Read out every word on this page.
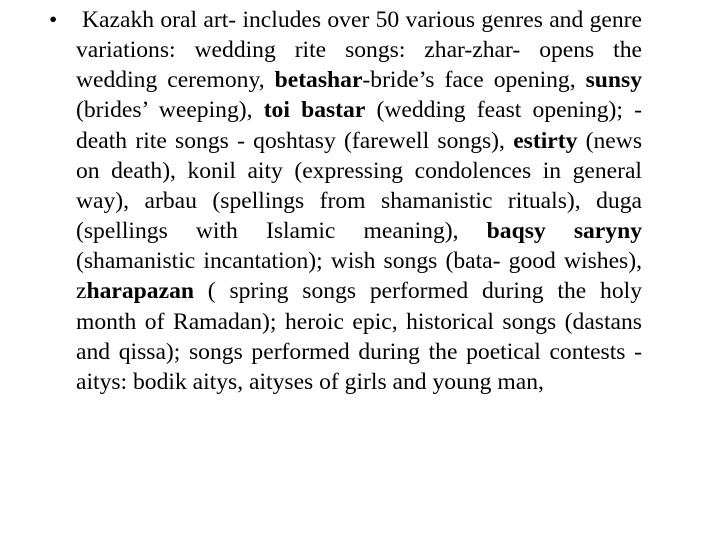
• Kazakh oral art- includes over 50 various genres and genre variations: wedding rite songs: zhar-zhar- opens the wedding ceremony, betashar-bride’s face opening, sunsy (brides’ weeping), toi bastar (wedding feast opening); - death rite songs - qoshtasy (farewell songs), estirty (news on death), konil aity (expressing condolences in general way), arbau (spellings from shamanistic rituals), duga (spellings with Islamic meaning), baqsy saryny (shamanistic incantation); wish songs (bata- good wishes), zharapazan ( spring songs performed during the holy month of Ramadan); heroic epic, historical songs (dastans and qissa); songs performed during the poetical contests - aitys: bodik aitys, aityses of girls and young man,
